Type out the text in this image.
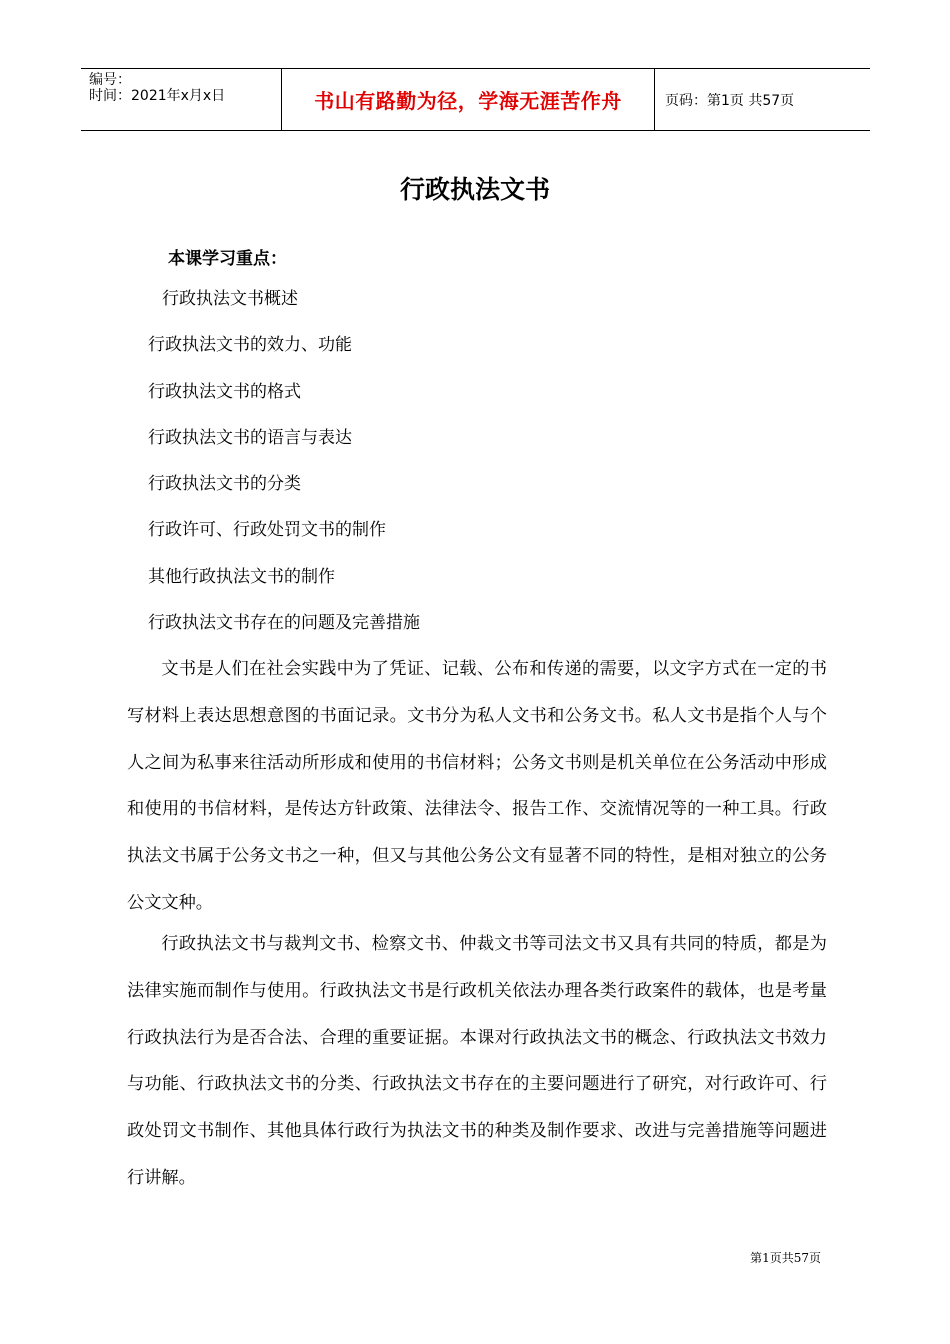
编号：
时间：2021年x月x日	书山有路勤为径，学海无涯苦作舟	页码：第1页 共57页
行政执法文书
本课学习重点：
行政执法文书概述
行政执法文书的效力、功能
行政执法文书的格式
行政执法文书的语言与表达
行政执法文书的分类
行政许可、行政处罚文书的制作
其他行政执法文书的制作
行政执法文书存在的问题及完善措施

文书是人们在社会实践中为了凭证、记载、公布和传递的需要，以文字方式在一定的书写材料上表达思想意图的书面记录。文书分为私人文书和公务文书。私人文书是指个人与个人之间为私事来往活动所形成和使用的书信材料；公务文书则是机关单位在公务活动中形成和使用的书信材料，是传达方针政策、法律法令、报告工作、交流情况等的一种工具。行政执法文书属于公务文书之一种，但又与其他公务公文有显著不同的特性，是相对独立的公务公文文种。

行政执法文书与裁判文书、检察文书、仲裁文书等司法文书又具有共同的特质，都是为法律实施而制作与使用。行政执法文书是行政机关依法办理各类行政案件的载体，也是考量行政执法行为是否合法、合理的重要证据。本课对行政执法文书的概念、行政执法文书效力与功能、行政执法文书的分类、行政执法文书存在的主要问题进行了研究，对行政许可、行政处罚文书制作、其他具体行政行为执法文书的种类及制作要求、改进与完善措施等问题进行讲解。

第1页共57页
